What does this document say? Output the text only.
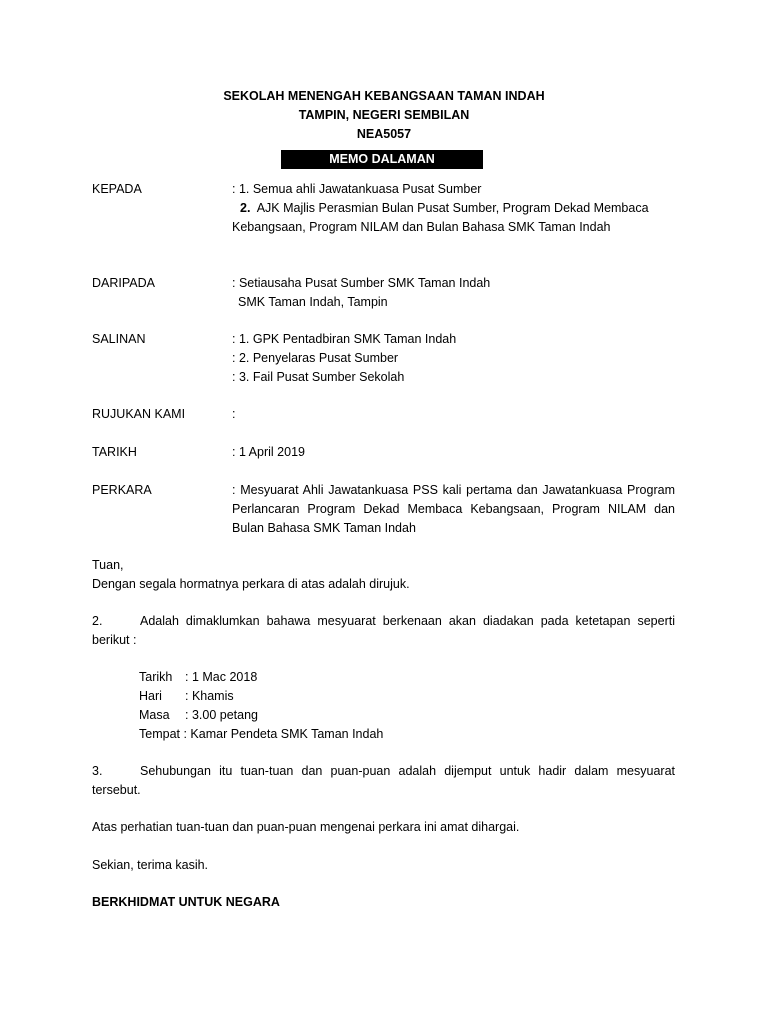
SEKOLAH MENENGAH KEBANGSAAN TAMAN INDAH
TAMPIN, NEGERI SEMBILAN
NEA5057
MEMO DALAMAN
KEPADA	: 1. Semua ahli Jawatankuasa Pusat Sumber
2. AJK Majlis Perasmian Bulan Pusat Sumber, Program Dekad Membaca
Kebangsaan, Program NILAM dan Bulan Bahasa SMK Taman Indah
DARIPADA	: Setiausaha Pusat Sumber SMK Taman Indah
SMK Taman Indah, Tampin
SALINAN	: 1. GPK Pentadbiran SMK Taman Indah
: 2. Penyelaras Pusat Sumber
: 3. Fail Pusat Sumber Sekolah
RUJUKAN KAMI	:
TARIKH	: 1 April 2019
PERKARA	: Mesyuarat Ahli Jawatankuasa PSS kali pertama dan Jawatankuasa Program Perlancaran Program Dekad Membaca Kebangsaan, Program NILAM dan Bulan Bahasa SMK Taman Indah
Tuan,
Dengan segala hormatnya perkara di atas adalah dirujuk.
2.	Adalah dimaklumkan bahawa mesyuarat berkenaan akan diadakan pada ketetapan seperti berikut :
Tarikh : 1 Mac 2018
Hari : Khamis
Masa : 3.00 petang
Tempat : Kamar Pendeta SMK Taman Indah
3.	Sehubungan itu tuan-tuan dan puan-puan adalah dijemput untuk hadir dalam mesyuarat tersebut.
Atas perhatian tuan-tuan dan puan-puan mengenai perkara ini amat dihargai.
Sekian, terima kasih.
BERKHIDMAT UNTUK NEGARA
